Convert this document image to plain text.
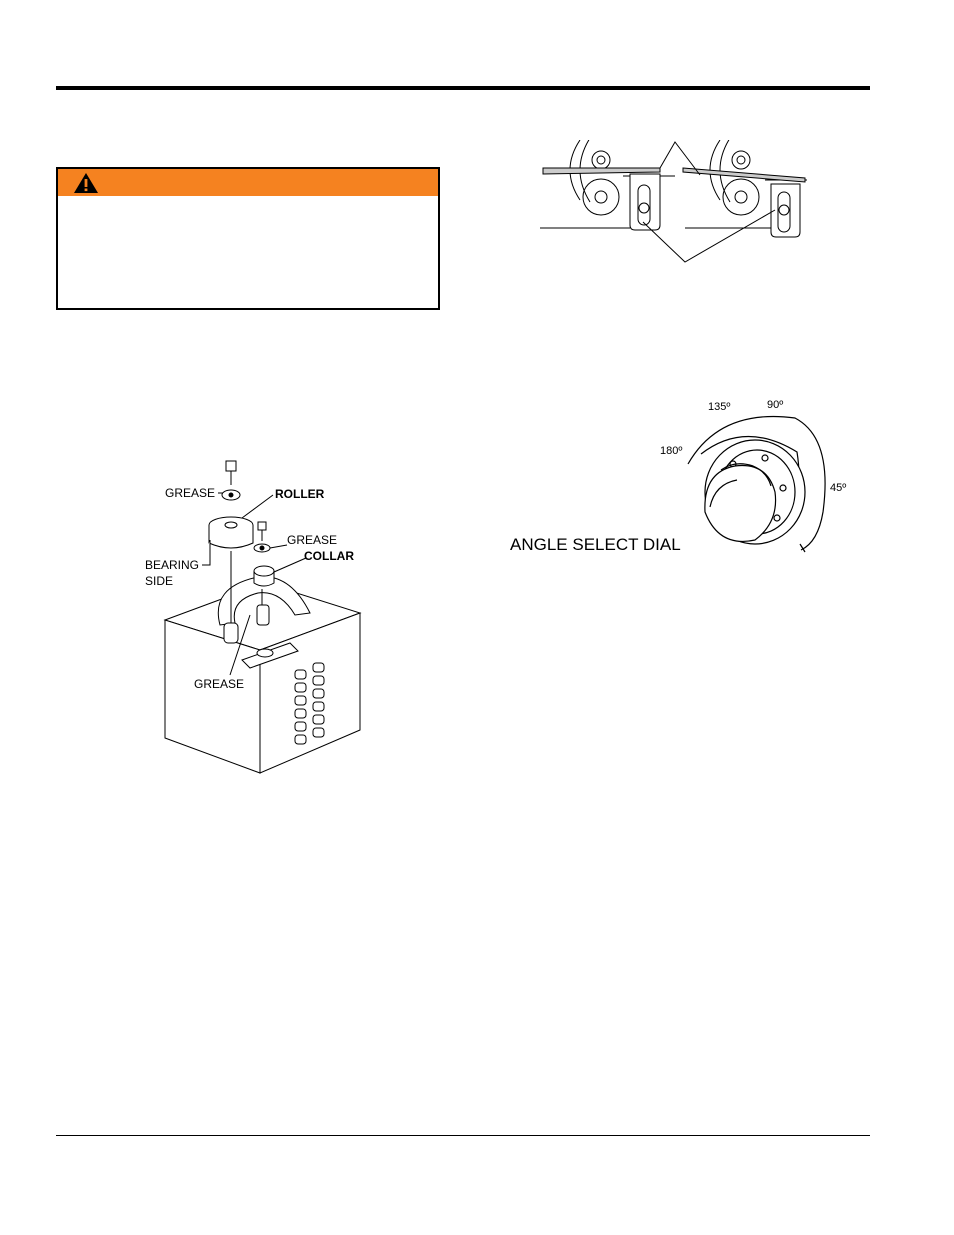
GREASE	ROLLER
GREASE
COLLAR
BEARING
SIDE
GREASE
180º
135º	90º
45º
ANGLE SELECT DIAL
